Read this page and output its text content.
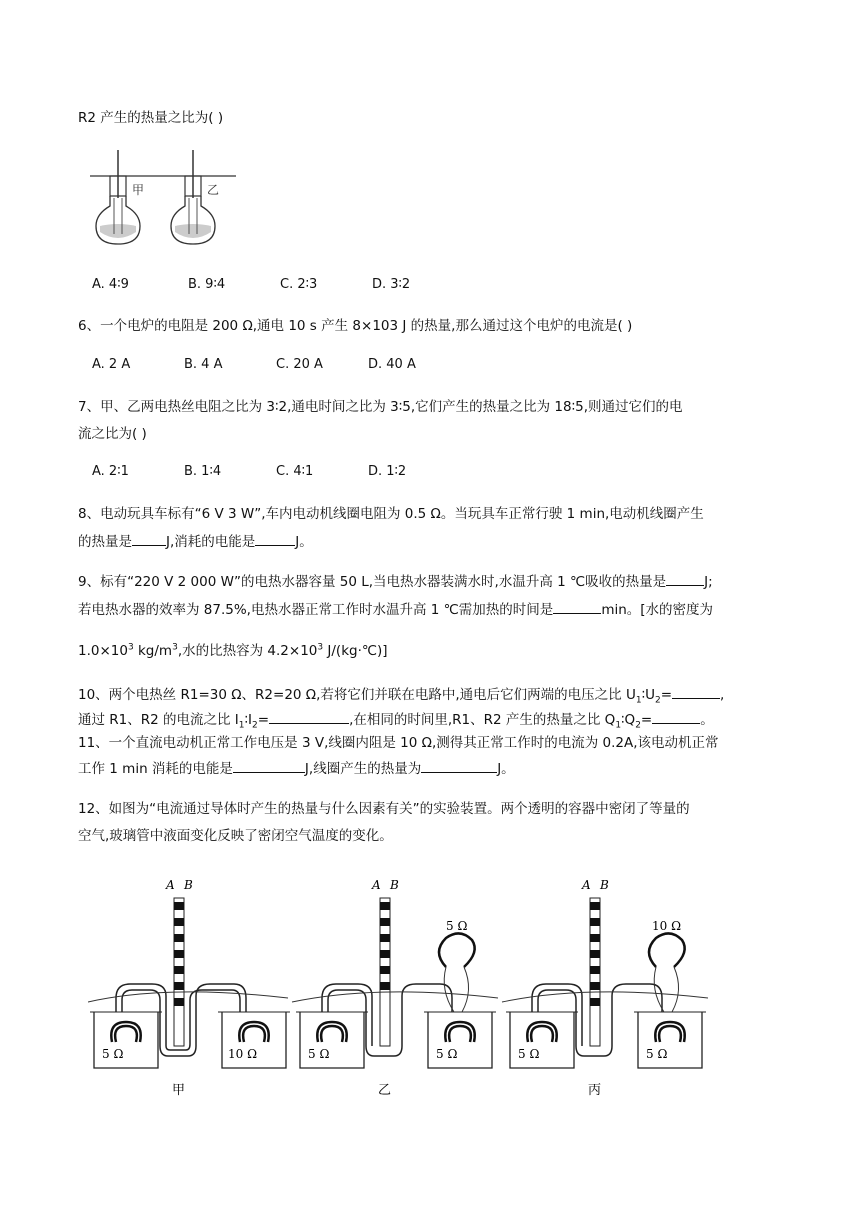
R2 产生的热量之比为( )
甲	乙
A. 4∶9	B. 9∶4	C. 2∶3	D. 3∶2
6、一个电炉的电阻是 200 Ω,通电 10 s 产生 8×103 J 的热量,那么通过这个电炉的电流是( )
A. 2 A	B. 4 A	C. 20 A	D. 40 A
7、甲、乙两电热丝电阻之比为 3∶2,通电时间之比为 3∶5,它们产生的热量之比为 18∶5,则通过它们的电
流之比为( )
A. 2∶1	B. 1∶4	C. 4∶1	D. 1∶2
8、电动玩具车标有“6 V 3 W”,车内电动机线圈电阻为 0.5 Ω。当玩具车正常行驶 1 min,电动机线圈产生
的热量是	J,消耗的电能是	J。
9、标有“220 V 2 000 W”的电热水器容量 50 L,当电热水器装满水时,水温升高 1 ℃吸收的热量是	J;
若电热水器的效率为 87.5%,电热水器正常工作时水温升高 1 ℃需加热的时间是	min。[水的密度为
$1.0\times 10^3$ $kg/m^3$,水的比热容为 $4.2\times 10^3$ J/(kg·℃)]
10、两个电热丝 R1=30 Ω、R2=20 Ω,若将它们并联在电路中,通电后它们两端的电压之比 $U_1∶U_2=$	,
通过 R1、R2 的电流之比 $I_1∶I_2=$	,在相同的时间里,R1、R2 产生的热量之比 $Q_1∶Q_2=$	。
11、一个直流电动机正常工作电压是 3 V,线圈内阻是 10 Ω,测得其正常工作时的电流为 0.2A,该电动机正常
工作 1 min 消耗的电能是	J,线圈产生的热量为	J。
12、如图为“电流通过导体时产生的热量与什么因素有关”的实验装置。两个透明的容器中密闭了等量的
空气,玻璃管中液面变化反映了密闭空气温度的变化。
A B
5 Ω	10 Ω
甲
A B
5 Ω
5 Ω	5 Ω
乙
A B
10 Ω
5 Ω	5 Ω
丙
